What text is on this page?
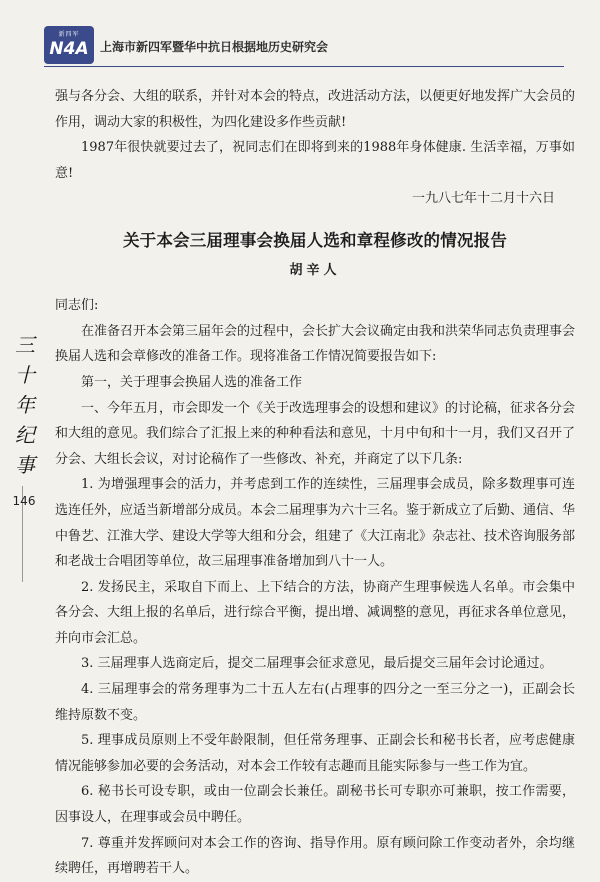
新四军
N4A 上海市新四军暨华中抗日根据地历史研究会
三
十
年
纪
事
146

强与各分会、大组的联系，并针对本会的特点，改进活动方法，以便更好地发挥广大会员的作用，调动大家的积极性，为四化建设多作些贡献!

1987年很快就要过去了，祝同志们在即将到来的1988年身体健康. 生活幸福，万事如意!

一九八七年十二月十六日

关于本会三届理事会换届人选和章程修改的情况报告

胡辛人

同志们:

在准备召开本会第三届年会的过程中，会长扩大会议确定由我和洪荣华同志负责理事会换届人选和会章修改的准备工作。现将准备工作情况简要报告如下:

第一，关于理事会换届人选的准备工作

一、今年五月，市会即发一个《关于改选理事会的设想和建议》的讨论稿，征求各分会和大组的意见。我们综合了汇报上来的种种看法和意见，十月中旬和十一月，我们又召开了分会、大组长会议，对讨论稿作了一些修改、补充，并商定了以下几条:

1. 为增强理事会的活力，并考虑到工作的连续性，三届理事会成员，除多数理事可连选连任外，应适当新增部分成员。本会二届理事为六十三名。鉴于新成立了后勤、通信、华中鲁艺、江淮大学、建设大学等大组和分会，组建了《大江南北》杂志社、技术咨询服务部和老战士合唱团等单位，故三届理事准备增加到八十一人。

2. 发扬民主，采取自下而上、上下结合的方法，协商产生理事候选人名单。市会集中各分会、大组上报的名单后，进行综合平衡，提出增、减调整的意见，再征求各单位意见，并向市会汇总。

3. 三届理事人选商定后，提交二届理事会征求意见，最后提交三届年会讨论通过。

4. 三届理事会的常务理事为二十五人左右(占理事的四分之一至三分之一)，正副会长维持原数不变。

5. 理事成员原则上不受年龄限制，但任常务理事、正副会长和秘书长者，应考虑健康情况能够参加必要的会务活动，对本会工作较有志趣而且能实际参与一些工作为宜。

6. 秘书长可设专职，或由一位副会长兼任。副秘书长可专职亦可兼职，按工作需要，因事设人，在理事或会员中聘任。

7. 尊重并发挥顾问对本会工作的咨询、指导作用。原有顾问除工作变动者外，余均继续聘任，再增聘若干人。
